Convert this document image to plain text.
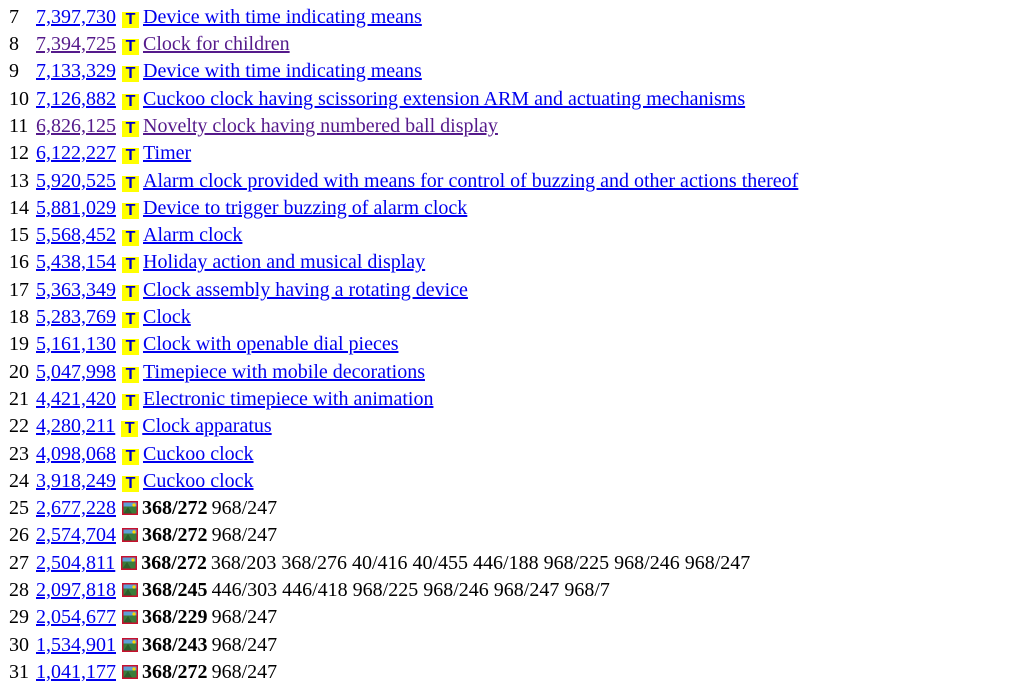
7 7,397,730 T Device with time indicating means
8 7,394,725 T Clock for children
9 7,133,329 T Device with time indicating means
10 7,126,882 T Cuckoo clock having scissoring extension ARM and actuating mechanisms
11 6,826,125 T Novelty clock having numbered ball display
12 6,122,227 T Timer
13 5,920,525 T Alarm clock provided with means for control of buzzing and other actions thereof
14 5,881,029 T Device to trigger buzzing of alarm clock
15 5,568,452 T Alarm clock
16 5,438,154 T Holiday action and musical display
17 5,363,349 T Clock assembly having a rotating device
18 5,283,769 T Clock
19 5,161,130 T Clock with openable dial pieces
20 5,047,998 T Timepiece with mobile decorations
21 4,421,420 T Electronic timepiece with animation
22 4,280,211 T Clock apparatus
23 4,098,068 T Cuckoo clock
24 3,918,249 T Cuckoo clock
25 2,677,228 368/272 968/247
26 2,574,704 368/272 968/247
27 2,504,811 368/272 368/203 368/276 40/416 40/455 446/188 968/225 968/246 968/247
28 2,097,818 368/245 446/303 446/418 968/225 968/246 968/247 968/7
29 2,054,677 368/229 968/247
30 1,534,901 368/243 968/247
31 1,041,177 368/272 968/247
